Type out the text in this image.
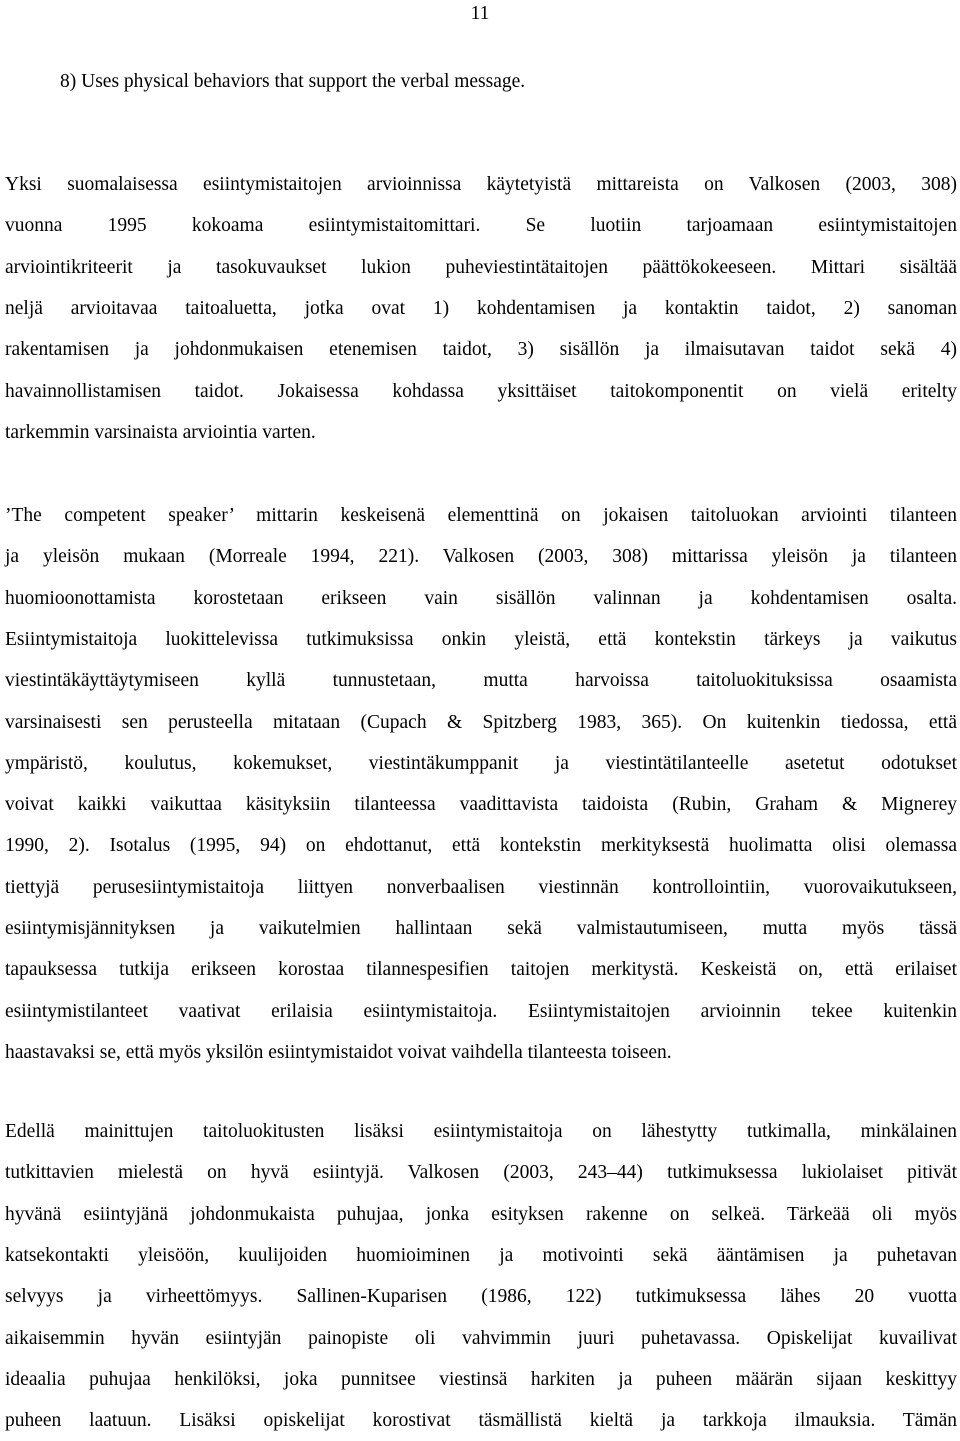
11
8) Uses physical behaviors that support the verbal message.
Yksi suomalaisessa esiintymistaitojen arvioinnissa käytetyistä mittareista on Valkosen (2003, 308)
vuonna 1995 kokoama esiintymistaitomittari. Se luotiin tarjoamaan esiintymistaitojen
arviointikriteerit ja tasokuvaukset lukion puheviestintätaitojen päättökokeeseen. Mittari sisältää
neljä arvioitavaa taitoaluetta, jotka ovat 1) kohdentamisen ja kontaktin taidot, 2) sanoman
rakentamisen ja johdonmukaisen etenemisen taidot, 3) sisällön ja ilmaisutavan taidot sekä 4)
havainnollistamisen taidot. Jokaisessa kohdassa yksittäiset taitokomponentit on vielä eritelty
tarkemmin varsinaista arviointia varten.
’The competent speaker’ mittarin keskeisenä elementtinä on jokaisen taitoluokan arviointi tilanteen
ja yleisön mukaan (Morreale 1994, 221). Valkosen (2003, 308) mittarissa yleisön ja tilanteen
huomioonottamista korostetaan erikseen vain sisällön valinnan ja kohdentamisen osalta.
Esiintymistaitoja luokittelevissa tutkimuksissa onkin yleistä, että kontekstin tärkeys ja vaikutus
viestintäkäyttäytymiseen kyllä tunnustetaan, mutta harvoissa taitoluokituksissa osaamista
varsinaisesti sen perusteella mitataan (Cupach & Spitzberg 1983, 365). On kuitenkin tiedossa, että
ympäristö, koulutus, kokemukset, viestintäkumppanit ja viestintätilanteelle asetetut odotukset
voivat kaikki vaikuttaa käsityksiin tilanteessa vaadittavista taidoista (Rubin, Graham & Mignerey
1990, 2). Isotalus (1995, 94) on ehdottanut, että kontekstin merkityksestä huolimatta olisi olemassa
tiettyjä perusesiintymistaitoja liittyen nonverbaalisen viestinnän kontrollointiin, vuorovaikutukseen,
esiintymisjännityksen ja vaikutelmien hallintaan sekä valmistautumiseen, mutta myös tässä
tapauksessa tutkija erikseen korostaa tilannespesifien taitojen merkitystä. Keskeistä on, että erilaiset
esiintymistilanteet vaativat erilaisia esiintymistaitoja. Esiintymistaitojen arvioinnin tekee kuitenkin
haastavaksi se, että myös yksilön esiintymistaidot voivat vaihdella tilanteesta toiseen.
Edellä mainittujen taitoluokitusten lisäksi esiintymistaitoja on lähestytty tutkimalla, minkälainen
tutkittavien mielestä on hyvä esiintyjä. Valkosen (2003, 243–44) tutkimuksessa lukiolaiset pitivät
hyvänä esiintyjänä johdonmukaista puhujaa, jonka esityksen rakenne on selkeä. Tärkeää oli myös
katsekontakti yleisöön, kuulijoiden huomioiminen ja motivointi sekä ääntämisen ja puhetavan
selvyys ja virheettömyys. Sallinen-Kuparisen (1986, 122) tutkimuksessa lähes 20 vuotta
aikaisemmin hyvän esiintyjän painopiste oli vahvimmin juuri puhetavassa. Opiskelijat kuvailivat
ideaalia puhujaa henkilöksi, joka punnitsee viestinsä harkiten ja puheen määrän sijaan keskittyy
puheen laatuun. Lisäksi opiskelijat korostivat täsmällistä kieltä ja tarkkoja ilmauksia. Tämän
